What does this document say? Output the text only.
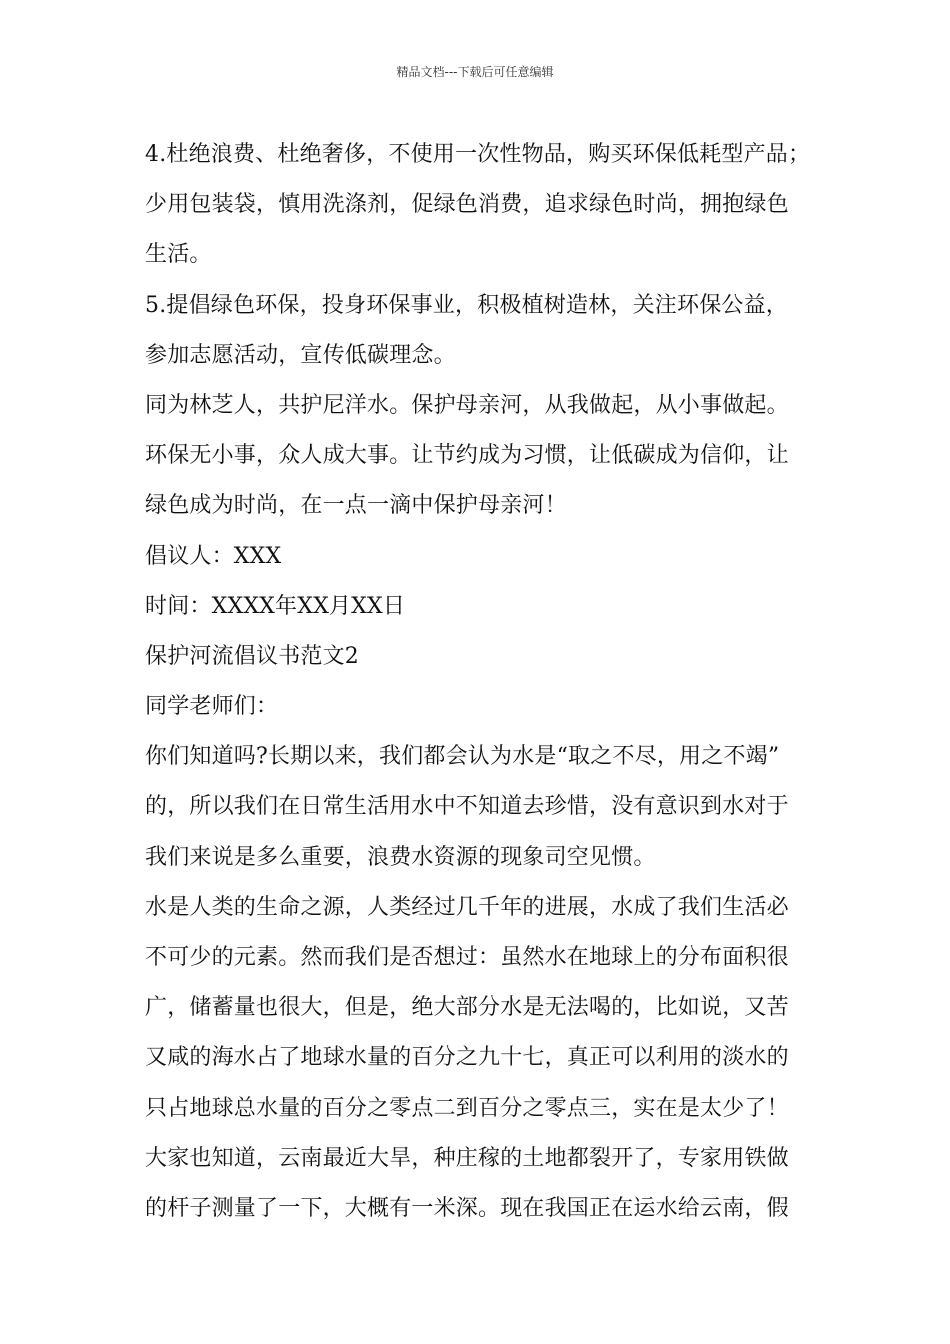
精品文档---下载后可任意编辑
4.杜绝浪费、杜绝奢侈，不使用一次性物品，购买环保低耗型产品；
少用包装袋，慎用洗涤剂，促绿色消费，追求绿色时尚，拥抱绿色
生活。
5.提倡绿色环保，投身环保事业，积极植树造林，关注环保公益，
参加志愿活动，宣传低碳理念。
同为林芝人，共护尼洋水。保护母亲河，从我做起，从小事做起。
环保无小事，众人成大事。让节约成为习惯，让低碳成为信仰，让
绿色成为时尚，在一点一滴中保护母亲河！
倡议人：XXX
时间：XXXX年XX月XX日
保护河流倡议书范文2
同学老师们：
你们知道吗?长期以来，我们都会认为水是“取之不尽，用之不竭”
的，所以我们在日常生活用水中不知道去珍惜，没有意识到水对于
我们来说是多么重要，浪费水资源的现象司空见惯。
水是人类的生命之源，人类经过几千年的进展，水成了我们生活必
不可少的元素。然而我们是否想过：虽然水在地球上的分布面积很
广，储蓄量也很大，但是，绝大部分水是无法喝的，比如说，又苦
又咸的海水占了地球水量的百分之九十七，真正可以利用的淡水的
只占地球总水量的百分之零点二到百分之零点三，实在是太少了！
大家也知道，云南最近大旱，种庄稼的土地都裂开了，专家用铁做
的杆子测量了一下，大概有一米深。现在我国正在运水给云南，假
